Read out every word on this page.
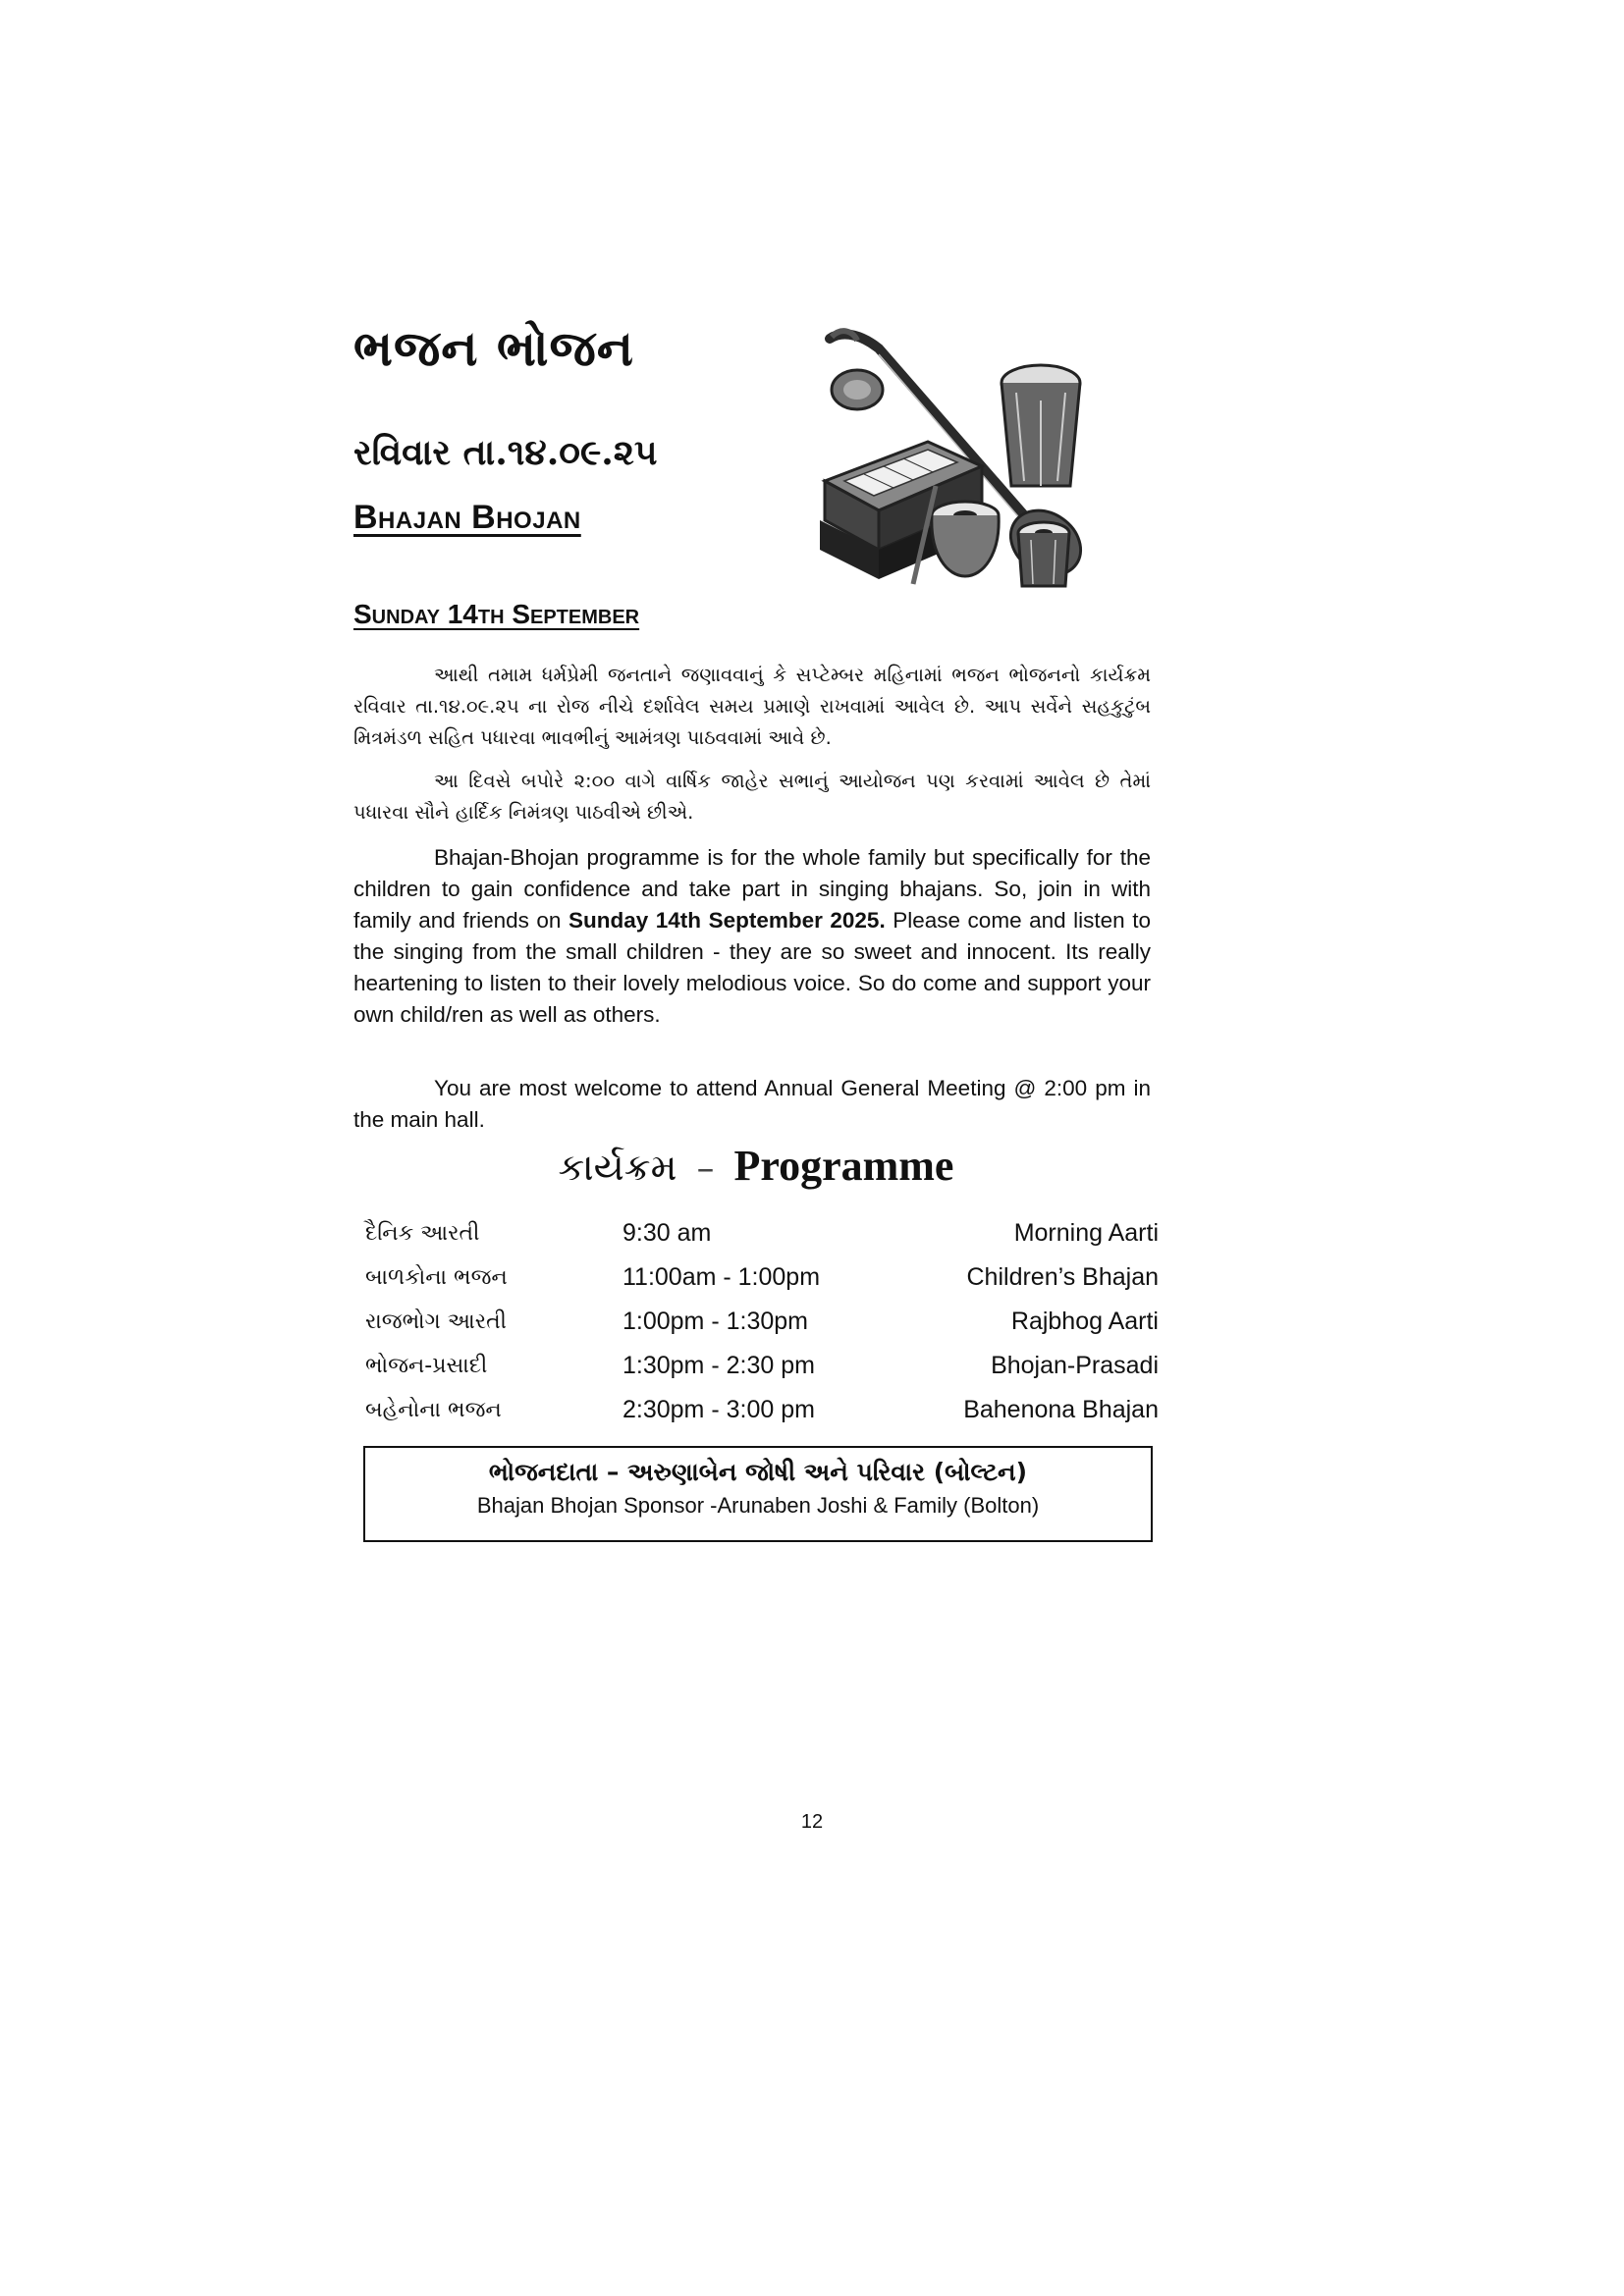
ભજન ભોજન
રવિવાર તા.૧૪.૦૯.૨૫
Bhajan Bhojan
Sunday 14th September
આથી તમામ ધર્મપ્રેમી જનતાને જણાવવાનું કે સપ્ટેમ્બર મહિનામાં ભજન ભોજનનો કાર્યક્રમ રવિવાર તા.૧૪.૦૯.૨૫ ના રોજ નીચે દર્શાવેલ સમય પ્રમાણે રાખવામાં આવેલ છે. આપ સર્વેને સહકુટુંબ મિત્રમંડળ સહિત પધારવા ભાવભીનું આમંત્રણ પાઠવવામાં આવે છે.
આ દિવસે બપોરે ૨:૦૦ વાગે વાર્ષિક જાહેર સભાનું આયોજન પણ કરવામાં આવેલ છે તેમાં પધારવા સૌને હાર્દિક નિમંત્રણ પાઠવીએ છીએ.
Bhajan-Bhojan programme is for the whole family but specifically for the children to gain confidence and take part in singing bhajans. So, join in with family and friends on Sunday 14th September 2025. Please come and listen to the singing from the small children - they are so sweet and innocent. Its really heartening to listen to their lovely melodious voice. So do come and support your own child/ren as well as others.
You are most welcome to attend Annual General Meeting @ 2:00 pm in the main hall.
કાર્યક્રમ – Programme
દૈનિક આરતી	9:30 am	Morning Aarti
બાળકોના ભજન	11:00am - 1:00pm	Children’s Bhajan
રાજભોગ આરતી	1:00pm - 1:30pm	Rajbhog Aarti
ભોજન-પ્રસાદી	1:30pm - 2:30 pm	Bhojan-Prasadi
બહેનોના ભજન	2:30pm - 3:00 pm	Bahenona Bhajan
ભોજનદાતા – અરુણાબેન જોષી અને પરિવાર (બોલ્ટન)
Bhajan Bhojan Sponsor -Arunaben Joshi & Family (Bolton)
12
